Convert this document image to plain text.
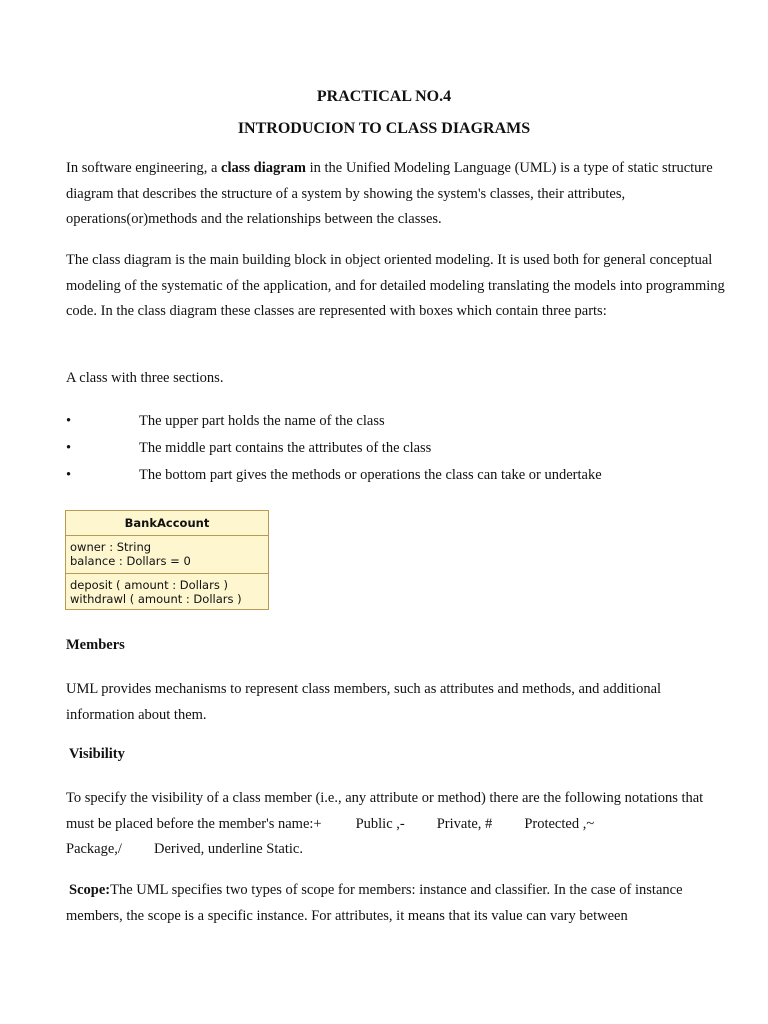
PRACTICAL NO.4
INTRODUCION TO CLASS DIAGRAMS

In software engineering, a class diagram in the Unified Modeling Language (UML) is a type of static structure diagram that describes the structure of a system by showing the system's classes, their attributes, operations(or)methods and the relationships between the classes.

The class diagram is the main building block in object oriented modeling. It is used both for general conceptual modeling of the systematic of the application, and for detailed modeling translating the models into programming code. In the class diagram these classes are represented with boxes which contain three parts:

A class with three sections.
•	The upper part holds the name of the class
•	The middle part contains the attributes of the class
•	The bottom part gives the methods or operations the class can take or undertake
BankAccount
owner : String
balance : Dollars = 0
deposit ( amount : Dollars )
withdrawl ( amount : Dollars )
Members

UML provides mechanisms to represent class members, such as attributes and methods, and additional information about them.

Visibility

To specify the visibility of a class member (i.e., any attribute or method) there are the following notations that must be placed before the member's name:+ Public ,- Private, # Protected ,~
Package,/ Derived, underline Static.

Scope:The UML specifies two types of scope for members: instance and classifier. In the case of instance members, the scope is a specific instance. For attributes, it means that its value can vary between
